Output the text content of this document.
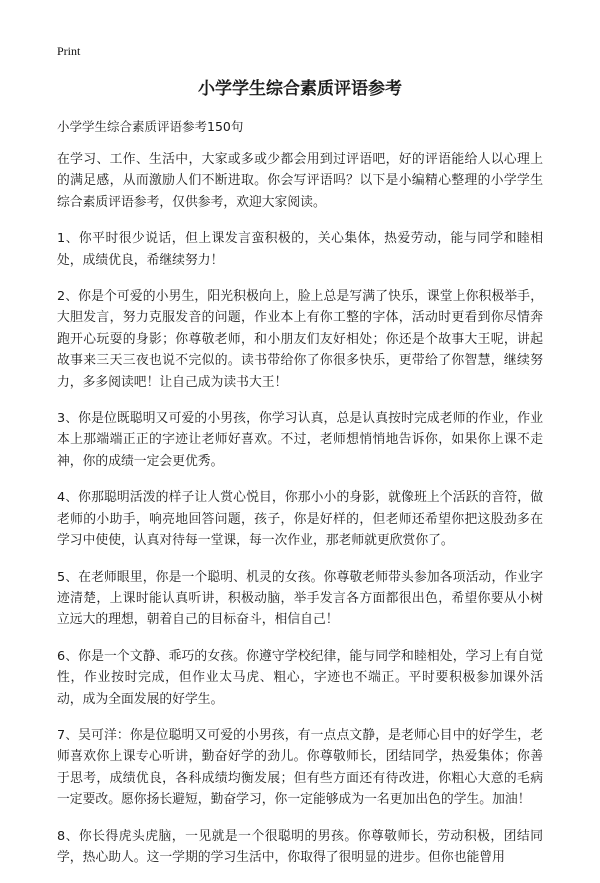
Print
小学学生综合素质评语参考

小学学生综合素质评语参考150句

在学习、工作、生活中，大家或多或少都会用到过评语吧，好的评语能给人以心理上的满足感，从而激励人们不断进取。你会写评语吗？以下是小编精心整理的小学学生综合素质评语参考，仅供参考，欢迎大家阅读。

1、你平时很少说话，但上课发言蛮积极的，关心集体，热爱劳动，能与同学和睦相处，成绩优良，希继续努力！

2、你是个可爱的小男生，阳光积极向上，脸上总是写满了快乐，课堂上你积极举手，大胆发言，努力克服发音的问题，作业本上有你工整的字体，活动时更看到你尽情奔跑开心玩耍的身影；你尊敬老师，和小朋友们友好相处；你还是个故事大王呢，讲起故事来三天三夜也说不完似的。读书带给你了你很多快乐，更带给了你智慧，继续努力，多多阅读吧！让自己成为读书大王！

3、你是位既聪明又可爱的小男孩，你学习认真，总是认真按时完成老师的作业，作业本上那端端正正的字迹让老师好喜欢。不过，老师想悄悄地告诉你，如果你上课不走神，你的成绩一定会更优秀。

4、你那聪明活泼的样子让人赏心悦目，你那小小的身影，就像班上个活跃的音符，做老师的小助手，响亮地回答问题，孩子，你是好样的，但老师还希望你把这股劲多在学习中使使，认真对待每一堂课，每一次作业，那老师就更欣赏你了。

5、在老师眼里，你是一个聪明、机灵的女孩。你尊敬老师带头参加各项活动，作业字迹清楚，上课时能认真听讲，积极动脑，举手发言各方面都很出色，希望你要从小树立远大的理想，朝着自己的目标奋斗，相信自己！

6、你是一个文静、乖巧的女孩。你遵守学校纪律，能与同学和睦相处，学习上有自觉性，作业按时完成，但作业太马虎、粗心，字迹也不端正。平时要积极参加课外活动，成为全面发展的好学生。

7、吴可洋：你是位聪明又可爱的小男孩，有一点点文静，是老师心目中的好学生，老师喜欢你上课专心听讲，勤奋好学的劲儿。你尊敬师长，团结同学，热爱集体；你善于思考，成绩优良，各科成绩均衡发展；但有些方面还有待改进，你粗心大意的毛病一定要改。愿你扬长避短，勤奋学习，你一定能够成为一名更加出色的学生。加油！

8、你长得虎头虎脑，一见就是一个很聪明的男孩。你尊敬师长，劳动积极，团结同学，热心助人。这一学期的学习生活中，你取得了很明显的进步。但你也能曾用
